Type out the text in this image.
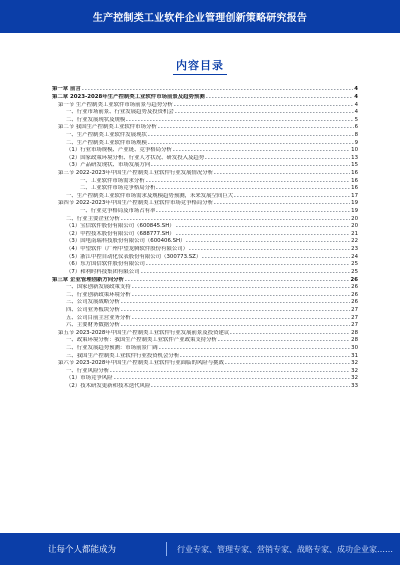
生产控制类工业软件企业管理创新策略研究报告
内容目录
第一章 前言	4
第二章 2023-2028年生产控制类工业软件市场前景及趋势预测	4
第一节 生产控制类工业软件市场前景与趋势分析	4
一、行业市场前景、行业发展趋势及投资机会	4
二、行业发展现状及规模	5
第二节 我国生产控制类工业软件市场分析	6
一、生产控制类工业软件发展现状	8
二、生产控制类工业软件市场规模	9
（1）行业市场规模、产业链、竞争格局分析	10
（2）国家政策环境分析、行业人才状况、研发投入及趋势	13
（3）产品研发现状、市场发展方向	15
第三节 2022-2023年中国生产控制类工业软件行业发展情况分析	16
一、工业软件市场需求分析	16
二、工业软件市场竞争格局分析	16
一、生产控制类工业软件市场需求及规模趋势预测，未来发展空间巨大	17
第四节 2022-2023年中国生产控制类工业软件市场竞争格局分析	19
一、行业竞争格局及市场占有率	19
二、行业主要企业分析	20
（1）宝信软件股份有限公司（600845.SH）	20
（2）中控技术股份有限公司（688777.SH）	21
（3）国电南瑞科技股份有限公司（600406.SH）	22
（4）中望软件（广州中望龙腾软件股份有限公司）	23
（5）浙江中控自动化仪表股份有限公司（300773.SZ）	24
（6）东方国信软件股份有限公司	25
（7）和利时科技集团有限公司	25
第三章 企业管理创新方向分析	26
一、国家创新发展政策支持	26
二、行业创新政策环境分析	26
三、公司发展战略分析	26
四、公司业务板块分析	27
五、公司目前主营业务分析	27
六、主要财务数据分析	27
第五节 2023-2028年中国生产控制类工业软件行业发展前景及投资建议	28
一、政策环境分析：我国生产控制类工业软件产业政策支持分析	28
二、行业发展趋势预测：市场前景广阔	30
三、我国生产控制类工业软件行业投资机会分析	31
第六节 2023-2028年中国生产控制类工业软件行业面临的风险与挑战	32
一、行业风险分析	32
（1）市场竞争风险	32
（2）技术研发更新和技术迭代风险	33
让每个人都能成为	行业专家、管理专家、营销专家、战略专家、成功企业家……
